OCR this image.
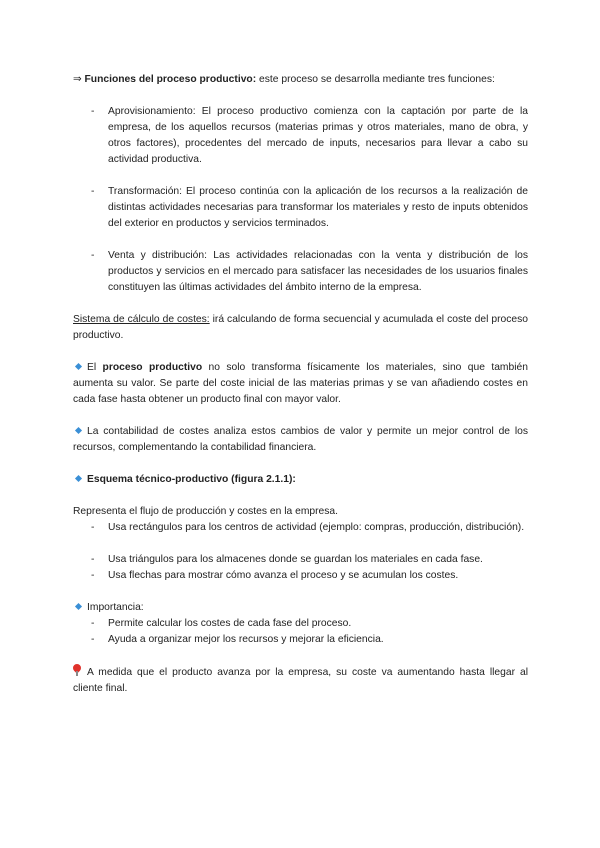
⇒ Funciones del proceso productivo: este proceso se desarrolla mediante tres funciones:
- Aprovisionamiento: El proceso productivo comienza con la captación por parte de la empresa, de los aquellos recursos (materias primas y otros materiales, mano de obra, y otros factores), procedentes del mercado de inputs, necesarios para llevar a cabo su actividad productiva.
- Transformación: El proceso continúa con la aplicación de los recursos a la realización de distintas actividades necesarias para transformar los materiales y resto de inputs obtenidos del exterior en productos y servicios terminados.
- Venta y distribución: Las actividades relacionadas con la venta y distribución de los productos y servicios en el mercado para satisfacer las necesidades de los usuarios finales constituyen las últimas actividades del ámbito interno de la empresa.
Sistema de cálculo de costes: irá calculando de forma secuencial y acumulada el coste del proceso productivo.
El proceso productivo no solo transforma físicamente los materiales, sino que también aumenta su valor. Se parte del coste inicial de las materias primas y se van añadiendo costes en cada fase hasta obtener un producto final con mayor valor.
La contabilidad de costes analiza estos cambios de valor y permite un mejor control de los recursos, complementando la contabilidad financiera.
Esquema técnico-productivo (figura 2.1.1):
Representa el flujo de producción y costes en la empresa.
- Usa rectángulos para los centros de actividad (ejemplo: compras, producción, distribución).
- Usa triángulos para los almacenes donde se guardan los materiales en cada fase.
- Usa flechas para mostrar cómo avanza el proceso y se acumulan los costes.
Importancia:
- Permite calcular los costes de cada fase del proceso.
- Ayuda a organizar mejor los recursos y mejorar la eficiencia.
A medida que el producto avanza por la empresa, su coste va aumentando hasta llegar al cliente final.
